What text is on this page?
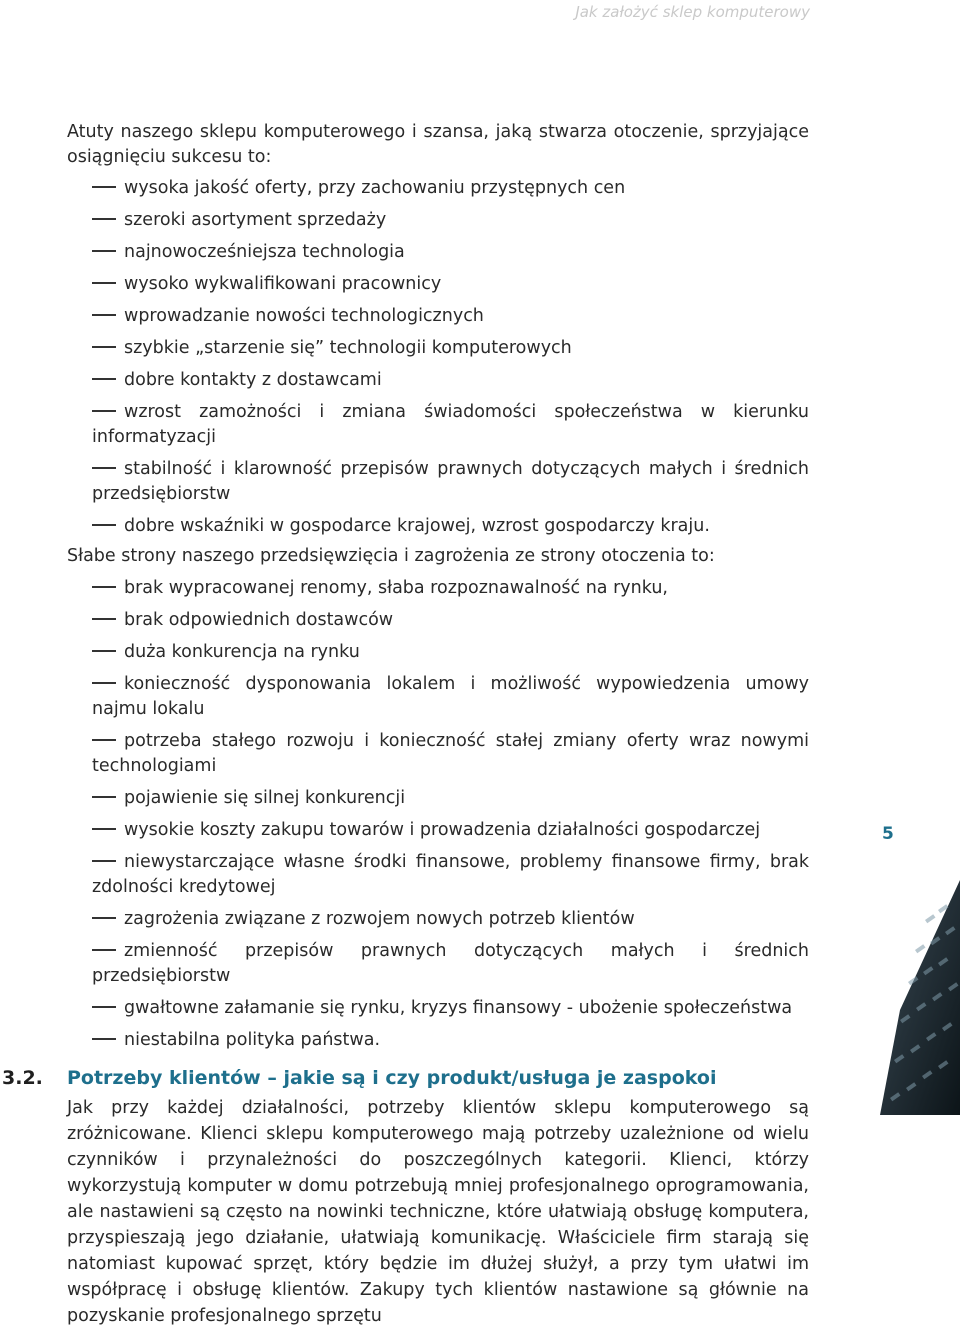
Jak założyć sklep komputerowy

Atuty naszego sklepu komputerowego i szansa, jaką stwarza otoczenie, sprzyjające osiągnięciu sukcesu to:

wysoka jakość oferty, przy zachowaniu przystępnych cen
szeroki asortyment sprzedaży
najnowocześniejsza technologia
wysoko wykwalifikowani pracownicy
wprowadzanie nowości technologicznych
szybkie „starzenie się” technologii komputerowych
dobre kontakty z dostawcami
wzrost zamożności i zmiana świadomości społeczeństwa w kierunku informatyzacji
stabilność i klarowność przepisów prawnych dotyczących małych i średnich przedsiębiorstw
dobre wskaźniki w gospodarce krajowej, wzrost gospodarczy kraju.

Słabe strony naszego przedsięwzięcia i zagrożenia ze strony otoczenia to:

brak wypracowanej renomy, słaba rozpoznawalność na rynku,
brak odpowiednich dostawców
duża konkurencja na rynku
konieczność dysponowania lokalem i możliwość wypowiedzenia umowy najmu lokalu
potrzeba stałego rozwoju i konieczność stałej zmiany oferty wraz nowymi technologiami
pojawienie się silnej konkurencji
wysokie koszty zakupu towarów i prowadzenia działalności gospodarczej
niewystarczające własne środki finansowe, problemy finansowe firmy, brak zdolności kredytowej
zagrożenia związane z rozwojem nowych potrzeb klientów
zmienność przepisów prawnych dotyczących małych i średnich przedsiębiorstw
gwałtowne załamanie się rynku, kryzys finansowy - ubożenie społeczeństwa
niestabilna polityka państwa.
3.2. Potrzeby klientów – jakie są i czy produkt/usługa je zaspokoi

Jak przy każdej działalności, potrzeby klientów sklepu komputerowego są zróżnicowane. Klienci sklepu komputerowego mają potrzeby uzależnione od wielu czynników i przynależności do poszczególnych kategorii. Klienci, którzy wykorzystują komputer w domu potrzebują mniej profesjonalnego oprogramowania, ale nastawieni są często na nowinki techniczne, które ułatwiają obsługę komputera, przyspieszają jego działanie, ułatwiają komunikację. Właściciele firm starają się natomiast kupować sprzęt, który będzie im dłużej służył, a przy tym ułatwi im współpracę i obsługę klientów. Zakupy tych klientów nastawione są głównie na pozyskanie profesjonalnego sprzętu

5
